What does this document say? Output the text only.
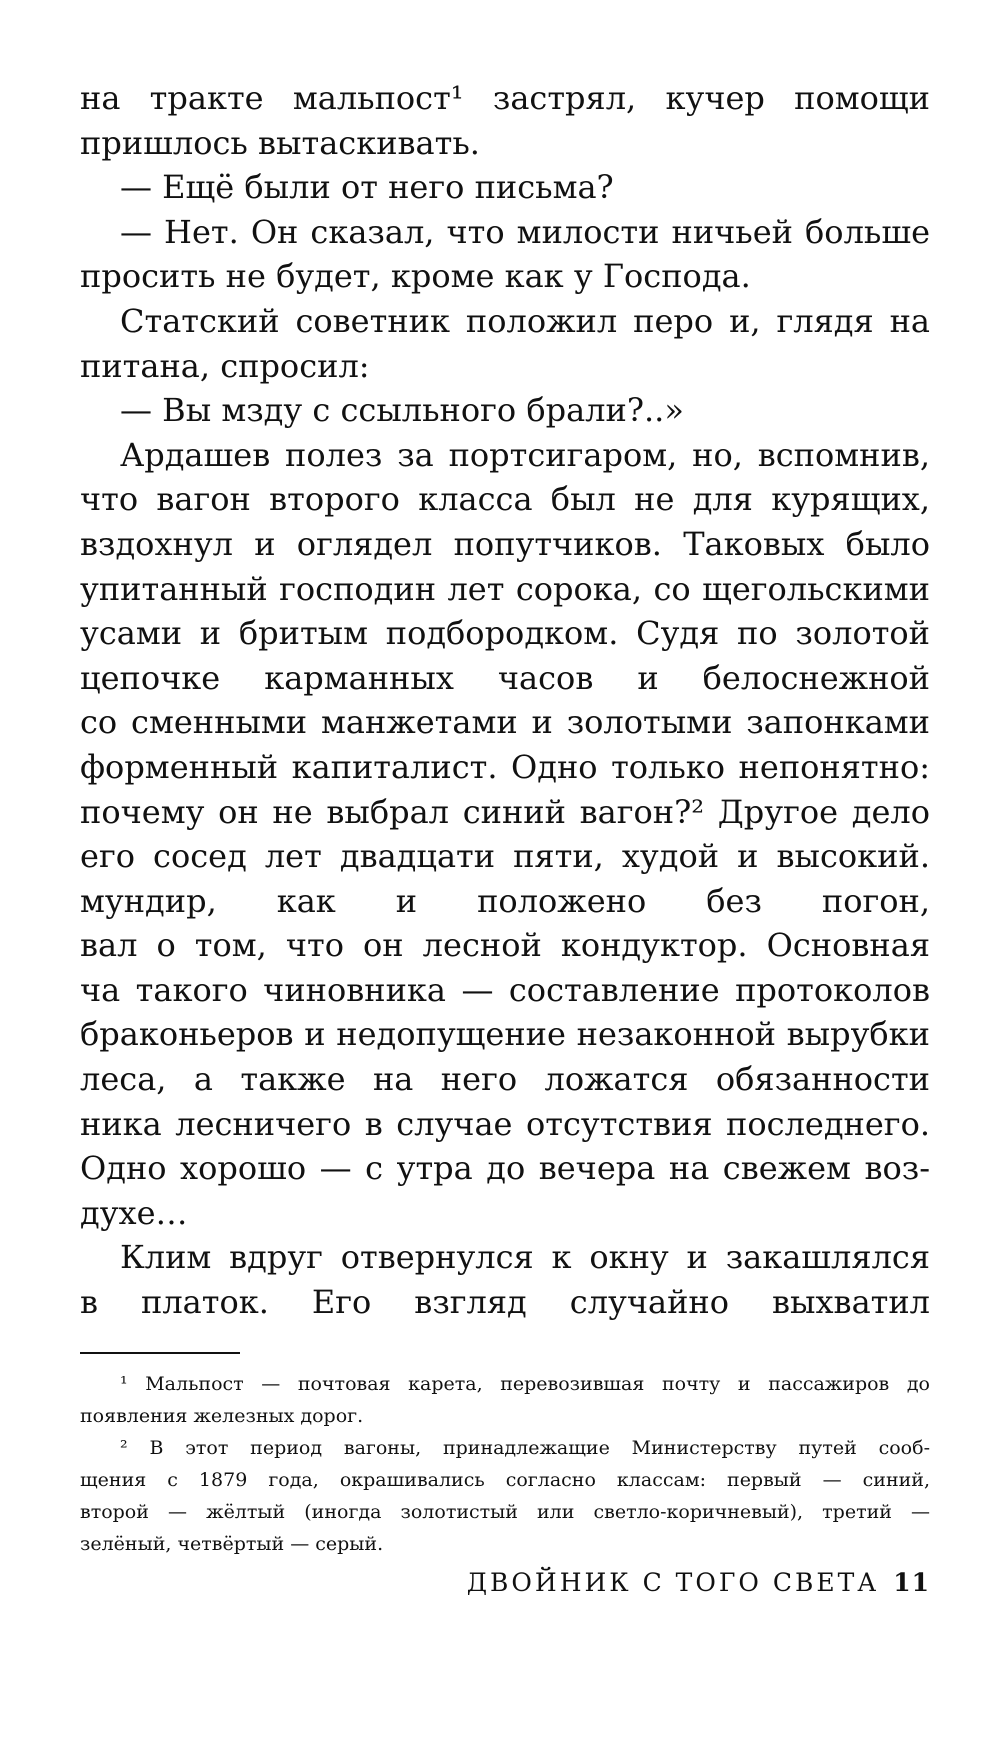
на тракте мальпост¹ застрял, кучер помощи
пришлось вытаскивать.
— Ещё были от него письма?
— Нет. Он сказал, что милости ничьей больше
просить не будет, кроме как у Господа.
Статский советник положил перо и, глядя на
питана, спросил:
— Вы мзду с ссыльного брали?..»
Ардашев полез за портсигаром, но, вспомнив,
что вагон второго класса был не для курящих,
вздохнул и оглядел попутчиков. Таковых было
упитанный господин лет сорока, со щегольскими
усами и бритым подбородком. Судя по золотой
цепочке карманных часов и белоснежной
со сменными манжетами и золотыми запонками
форменный капиталист. Одно только непонятно:
почему он не выбрал синий вагон?² Другое дело
его сосед лет двадцати пяти, худой и высокий.
мундир, как и положено без погон,
вал о том, что он лесной кондуктор. Основная
ча такого чиновника — составление протоколов
браконьеров и недопущение незаконной вырубки
леса, а также на него ложатся обязанности
ника лесничего в случае отсутствия последнего.
Одно хорошо — с утра до вечера на свежем воз-
духе…
Клим вдруг отвернулся к окну и закашлялся
в платок. Его взгляд случайно выхватил
¹ Мальпост — почтовая карета, перевозившая почту и пассажиров до
появления железных дорог.
² В этот период вагоны, принадлежащие Министерству путей сооб-
щения с 1879 года, окрашивались согласно классам: первый — синий,
второй — жёлтый (иногда золотистый или светло-коричневый), третий —
зелёный, четвёртый — серый.
ДВОЙНИК С ТОГО СВЕТА 11
